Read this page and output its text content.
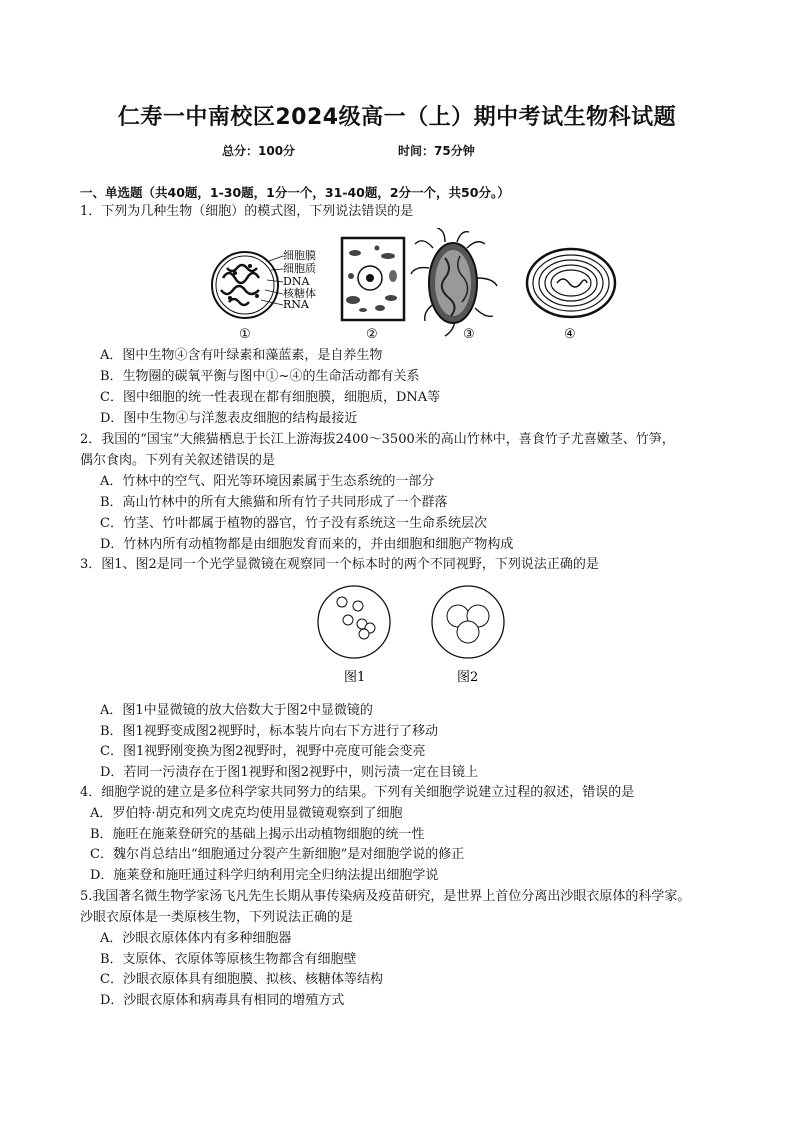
仁寿一中南校区2024级高一（上）期中考试生物科试题
总分：100分	时间：75分钟
一、单选题（共40题，1-30题，1分一个，31-40题，2分一个，共50分。）
1．下列为几种生物（细胞）的模式图，下列说法错误的是
细胞膜
细胞质
DNA
核糖体
RNA
①	②	③	④
A．图中生物④含有叶绿素和藻蓝素，是自养生物
B．生物圈的碳氧平衡与图中①~④的生命活动都有关系
C．图中细胞的统一性表现在都有细胞膜，细胞质，DNA等
D．图中生物④与洋葱表皮细胞的结构最接近
2．我国的“国宝”大熊猫栖息于长江上游海拔2400～3500米的高山竹林中，喜食竹子尤喜嫩茎、竹笋，
偶尔食肉。下列有关叙述错误的是
A．竹林中的空气、阳光等环境因素属于生态系统的一部分
B．高山竹林中的所有大熊猫和所有竹子共同形成了一个群落
C．竹茎、竹叶都属于植物的器官，竹子没有系统这一生命系统层次
D．竹林内所有动植物都是由细胞发育而来的，并由细胞和细胞产物构成
3．图1、图2是同一个光学显微镜在观察同一个标本时的两个不同视野，下列说法正确的是
图1	图2
A．图1中显微镜的放大倍数大于图2中显微镜的
B．图1视野变成图2视野时，标本装片向右下方进行了移动
C．图1视野刚变换为图2视野时，视野中亮度可能会变亮
D．若同一污渍存在于图1视野和图2视野中，则污渍一定在目镜上
4．细胞学说的建立是多位科学家共同努力的结果。下列有关细胞学说建立过程的叙述，错误的是
A．罗伯特·胡克和列文虎克均使用显微镜观察到了细胞
B．施旺在施莱登研究的基础上揭示出动植物细胞的统一性
C．魏尔肖总结出“细胞通过分裂产生新细胞”是对细胞学说的修正
D．施莱登和施旺通过科学归纳利用完全归纳法提出细胞学说
5.我国著名微生物学家汤飞凡先生长期从事传染病及疫苗研究，是世界上首位分离出沙眼衣原体的科学家。
沙眼衣原体是一类原核生物，下列说法正确的是
A．沙眼衣原体体内有多种细胞器
B．支原体、衣原体等原核生物都含有细胞壁
C．沙眼衣原体具有细胞膜、拟核、核糖体等结构
D．沙眼衣原体和病毒具有相同的增殖方式
